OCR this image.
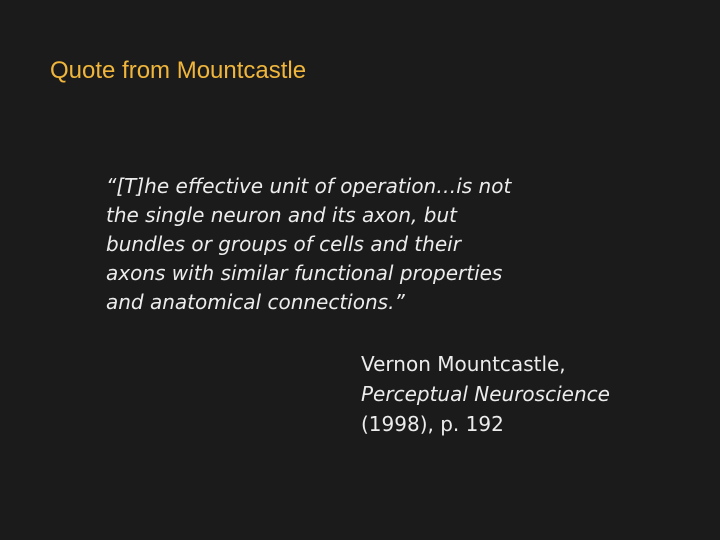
Quote from Mountcastle
“[T]he effective unit of operation…is not
the single neuron and its axon, but
bundles or groups of cells and their
axons with similar functional properties
and anatomical connections.”
Vernon Mountcastle,
Perceptual Neuroscience
(1998), p. 192
